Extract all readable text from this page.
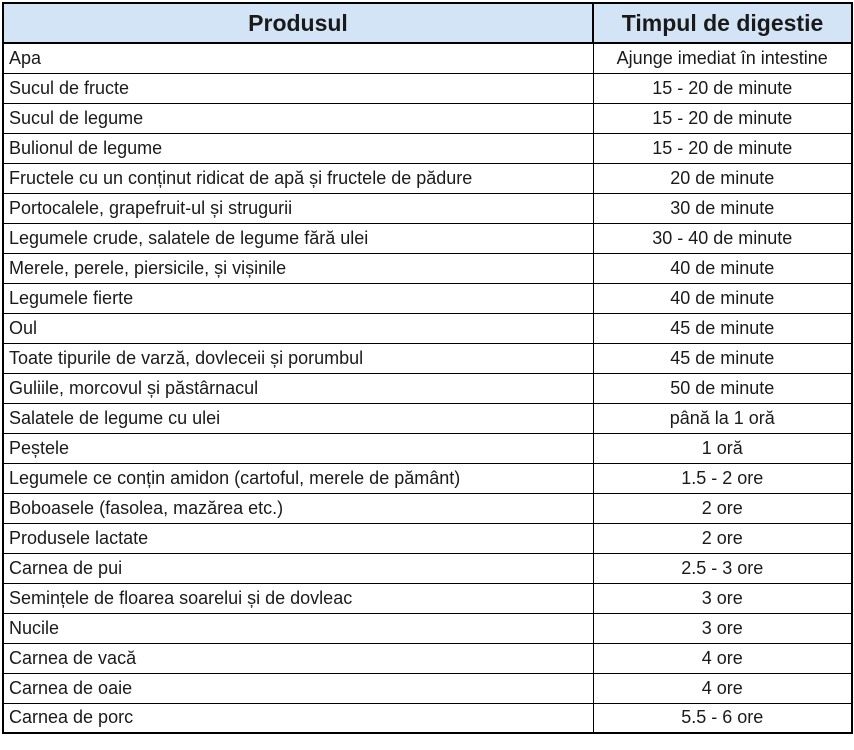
Produsul	Timpul de digestie
Apa	Ajunge imediat în intestine
Sucul de fructe	15 - 20 de minute
Sucul de legume	15 - 20 de minute
Bulionul de legume	15 - 20 de minute
Fructele cu un conținut ridicat de apă și fructele de pădure	20 de minute
Portocalele, grapefruit-ul și strugurii	30 de minute
Legumele crude, salatele de legume fără ulei	30 - 40 de minute
Merele, perele, piersicile, și vișinile	40 de minute
Legumele fierte	40 de minute
Oul	45 de minute
Toate tipurile de varză, dovleceii și porumbul	45 de minute
Guliile, morcovul și păstârnacul	50 de minute
Salatele de legume cu ulei	până la 1 oră
Peștele	1 oră
Legumele ce conțin amidon (cartoful, merele de pământ)	1.5 - 2 ore
Boboasele (fasolea, mazărea etc.)	2 ore
Produsele lactate	2 ore
Carnea de pui	2.5 - 3 ore
Semințele de floarea soarelui și de dovleac	3 ore
Nucile	3 ore
Carnea de vacă	4 ore
Carnea de oaie	4 ore
Carnea de porc	5.5 - 6 ore
